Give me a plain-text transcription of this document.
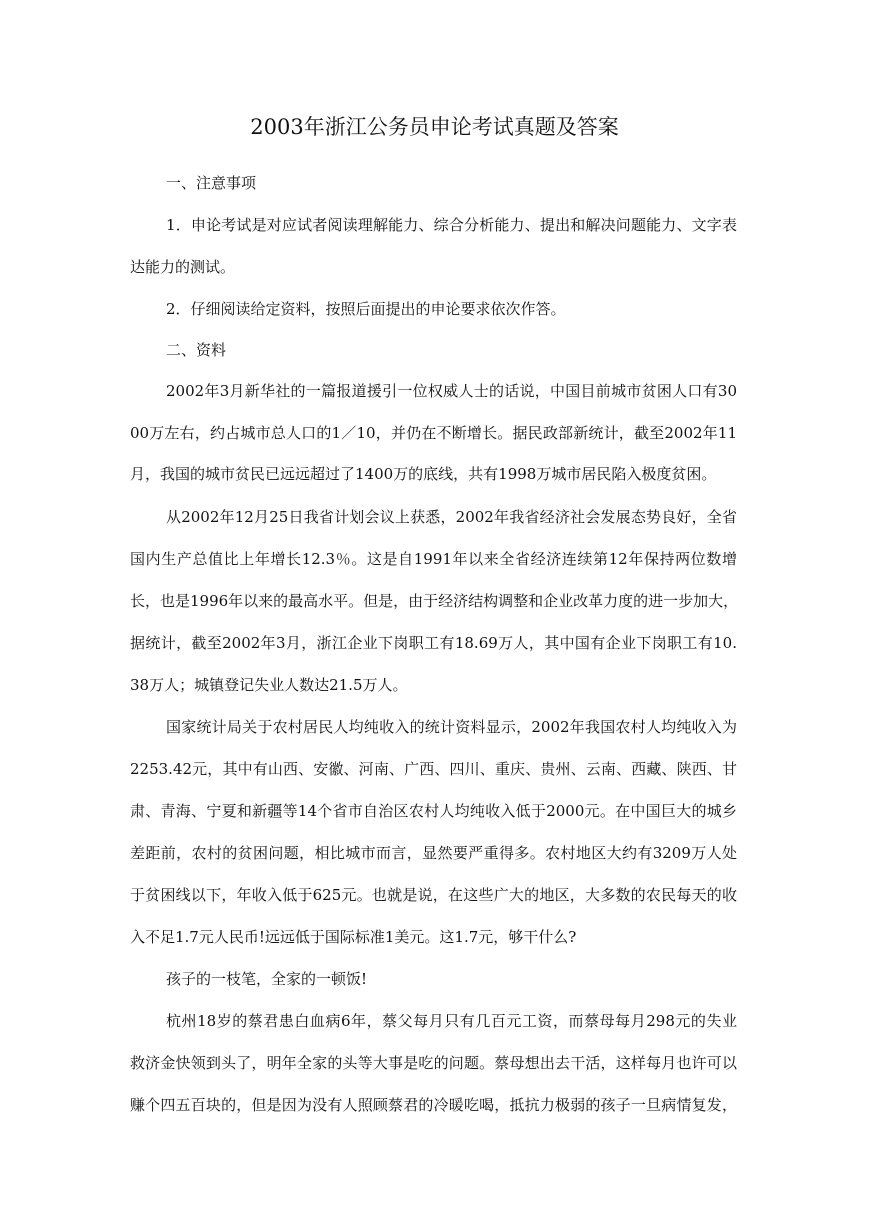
2003年浙江公务员申论考试真题及答案

一、注意事项

1．申论考试是对应试者阅读理解能力、综合分析能力、提出和解决问题能力、文字表

达能力的测试。

2．仔细阅读给定资料，按照后面提出的申论要求依次作答。

二、资料

2002年3月新华社的一篇报道援引一位权威人士的话说，中国目前城市贫困人口有30

00万左右，约占城市总人口的1／10，并仍在不断增长。据民政部新统计，截至2002年11

月，我国的城市贫民已远远超过了1400万的底线，共有1998万城市居民陷入极度贫困。

从2002年12月25日我省计划会议上获悉，2002年我省经济社会发展态势良好，全省

国内生产总值比上年增长12.3％。这是自1991年以来全省经济连续第12年保持两位数增

长，也是1996年以来的最高水平。但是，由于经济结构调整和企业改革力度的进一步加大，

据统计，截至2002年3月，浙江企业下岗职工有18.69万人，其中国有企业下岗职工有10.

38万人；城镇登记失业人数达21.5万人。

国家统计局关于农村居民人均纯收入的统计资料显示，2002年我国农村人均纯收入为

2253.42元，其中有山西、安徽、河南、广西、四川、重庆、贵州、云南、西藏、陕西、甘

肃、青海、宁夏和新疆等14个省市自治区农村人均纯收入低于2000元。在中国巨大的城乡

差距前，农村的贫困问题，相比城市而言，显然要严重得多。农村地区大约有3209万人处

于贫困线以下，年收入低于625元。也就是说，在这些广大的地区，大多数的农民每天的收

入不足1.7元人民币!远远低于国际标准1美元。这1.7元，够干什么?

孩子的一枝笔，全家的一顿饭!

杭州18岁的蔡君患白血病6年，蔡父每月只有几百元工资，而蔡母每月298元的失业

救济金快领到头了，明年全家的头等大事是吃的问题。蔡母想出去干活，这样每月也许可以

赚个四五百块的，但是因为没有人照顾蔡君的冷暖吃喝，抵抗力极弱的孩子一旦病情复发，
